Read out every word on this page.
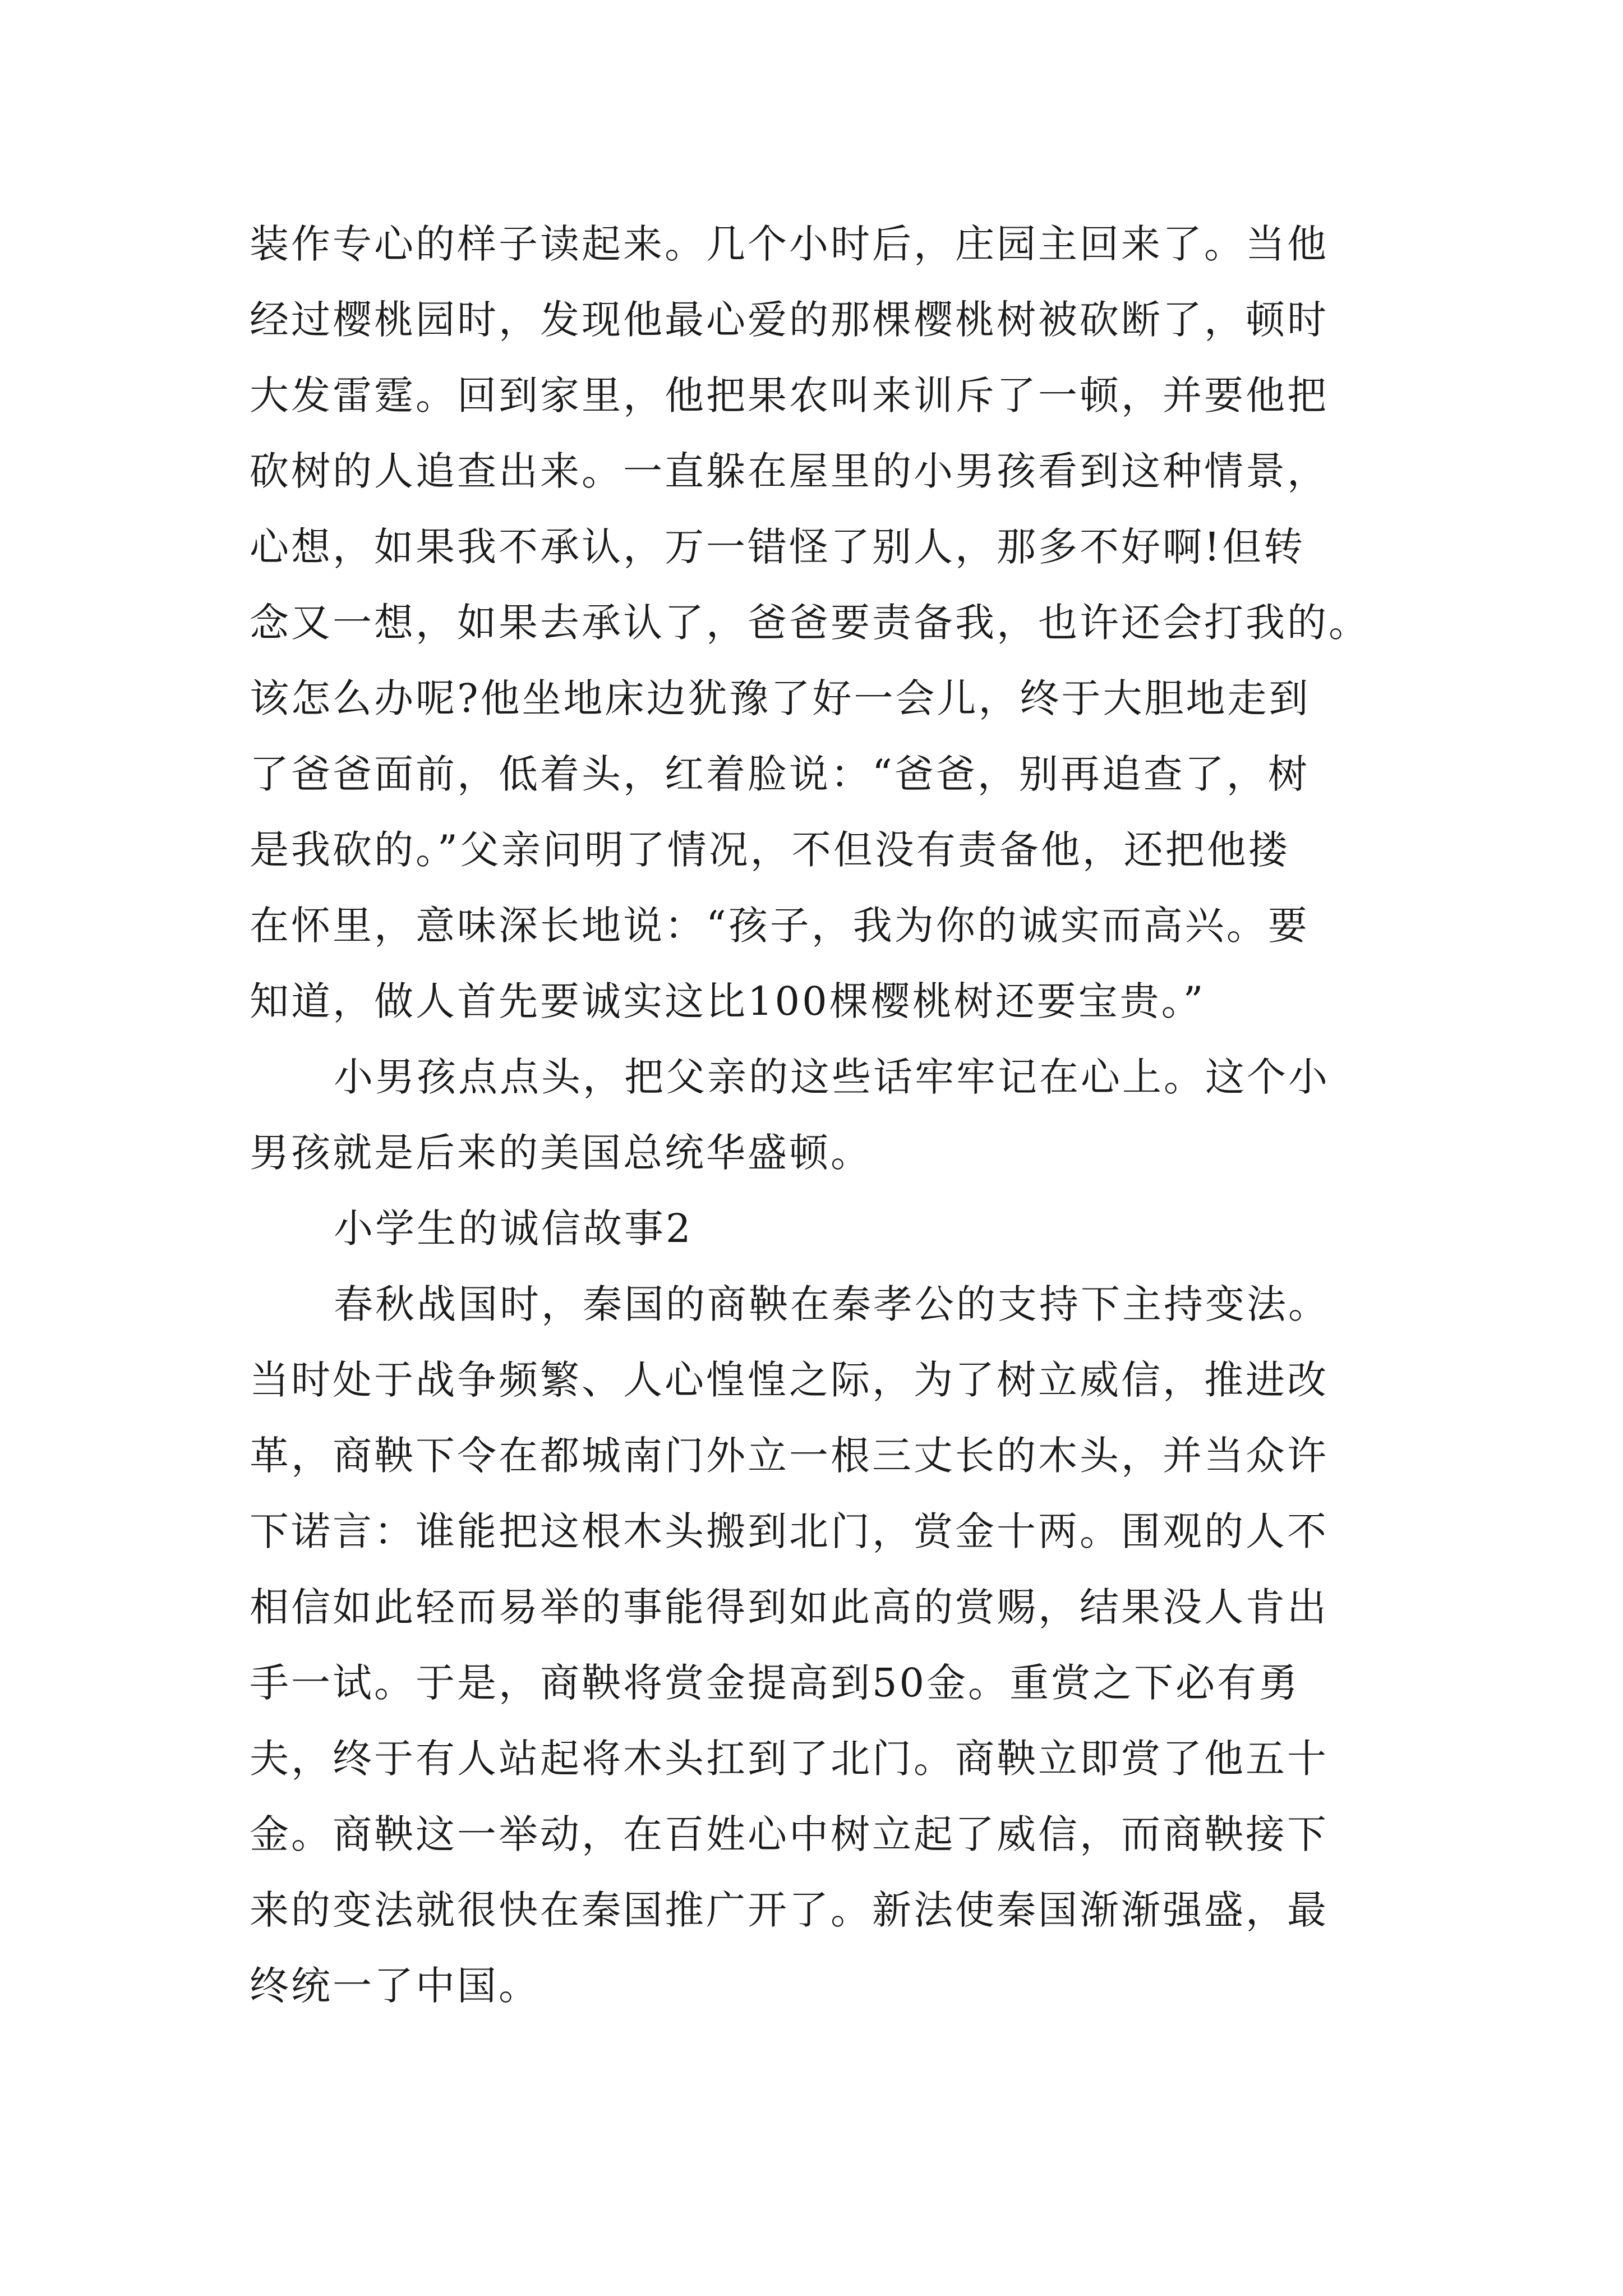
装作专心的样子读起来。几个小时后，庄园主回来了。当他
经过樱桃园时，发现他最心爱的那棵樱桃树被砍断了，顿时
大发雷霆。回到家里，他把果农叫来训斥了一顿，并要他把
砍树的人追查出来。一直躲在屋里的小男孩看到这种情景，
心想，如果我不承认，万一错怪了别人，那多不好啊!但转
念又一想，如果去承认了，爸爸要责备我，也许还会打我的。
该怎么办呢?他坐地床边犹豫了好一会儿，终于大胆地走到
了爸爸面前，低着头，红着脸说：“爸爸，别再追查了，树
是我砍的。”父亲问明了情况，不但没有责备他，还把他搂
在怀里，意味深长地说：“孩子，我为你的诚实而高兴。要
知道，做人首先要诚实这比100棵樱桃树还要宝贵。”
小男孩点点头，把父亲的这些话牢牢记在心上。这个小
男孩就是后来的美国总统华盛顿。
小学生的诚信故事2
春秋战国时，秦国的商鞅在秦孝公的支持下主持变法。
当时处于战争频繁、人心惶惶之际，为了树立威信，推进改
革，商鞅下令在都城南门外立一根三丈长的木头，并当众许
下诺言：谁能把这根木头搬到北门，赏金十两。围观的人不
相信如此轻而易举的事能得到如此高的赏赐，结果没人肯出
手一试。于是，商鞅将赏金提高到50金。重赏之下必有勇
夫，终于有人站起将木头扛到了北门。商鞅立即赏了他五十
金。商鞅这一举动，在百姓心中树立起了威信，而商鞅接下
来的变法就很快在秦国推广开了。新法使秦国渐渐强盛，最
终统一了中国。
